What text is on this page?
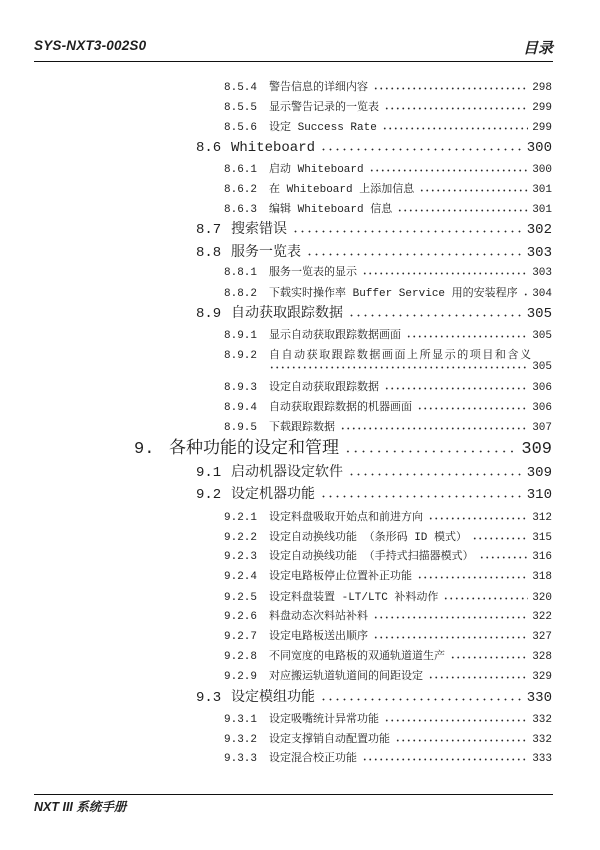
SYS-NXT3-002S0	目录
8.5.4	警告信息的详细内容	298
8.5.5	显示警告记录的一览表	299
8.5.6	设定 Success Rate	299
8.6 Whiteboard	300
8.6.1	启动 Whiteboard	300
8.6.2	在 Whiteboard 上添加信息	301
8.6.3	编辑 Whiteboard 信息	301
8.7 搜索错误	302
8.8 服务一览表	303
8.8.1	服务一览表的显示	303
8.8.2	下载实时操作率 Buffer Service 用的安装程序 304
8.9 自动获取跟踪数据	305
8.9.1	显示自动获取跟踪数据画面	305
8.9.2	自自动获取跟踪数据画面上所显示的项目和含义
305
8.9.3	设定自动获取跟踪数据	306
8.9.4	自动获取跟踪数据的机器画面	306
8.9.5	下载跟踪数据	307
9. 各种功能的设定和管理	309
9.1 启动机器设定软件	309
9.2 设定机器功能	310
9.2.1	设定料盘吸取开始点和前进方向	312
9.2.2	设定自动换线功能 （条形码 ID 模式）	315
9.2.3	设定自动换线功能 （手持式扫描器模式）	316
9.2.4	设定电路板停止位置补正功能	318
9.2.5	设定料盘装置 -LT/LTC 补料动作	320
9.2.6	料盘动态次料站补料	322
9.2.7	设定电路板送出顺序	327
9.2.8	不同宽度的电路板的双通轨道道生产	328
9.2.9	对应搬运轨道轨道间的间距设定	329
9.3 设定模组功能	330
9.3.1	设定吸嘴统计异常功能	332
9.3.2	设定支撑销自动配置功能	332
9.3.3	设定混合校正功能	333
NXT III 系统手册
